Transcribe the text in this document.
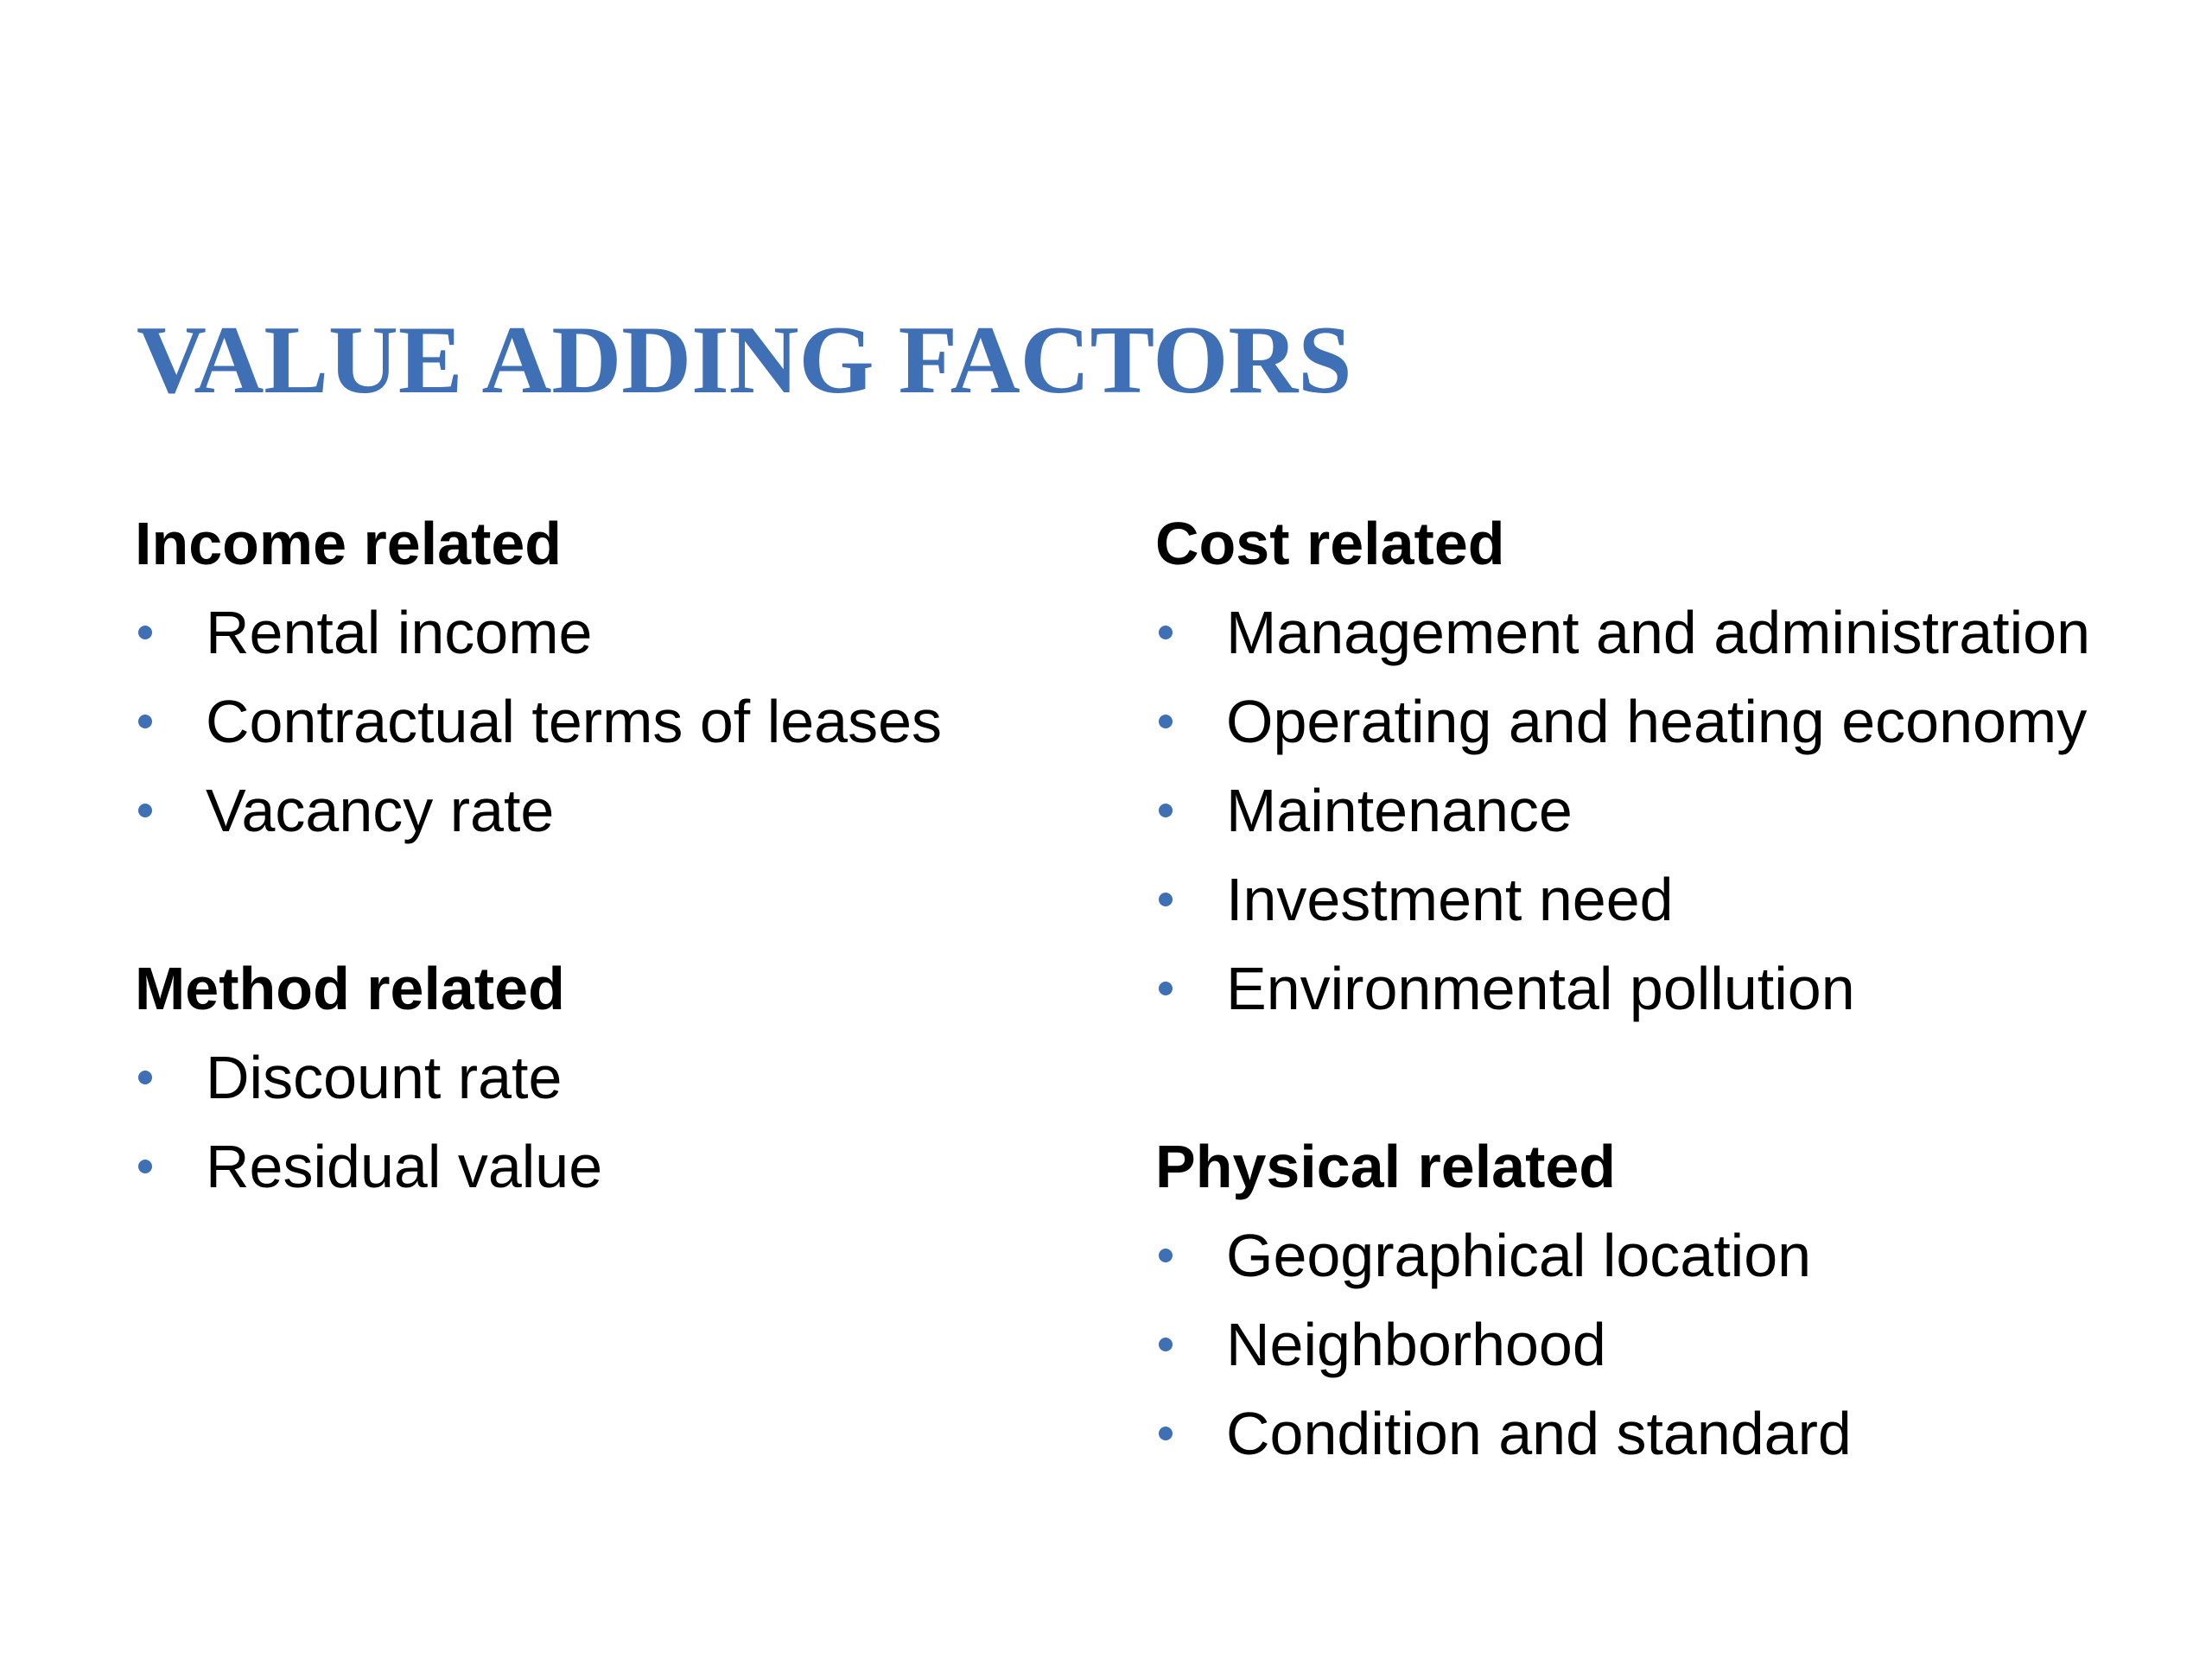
VALUE ADDING FACTORS
Income related
Rental income
Contractual terms of leases
Vacancy rate
Method related
Discount rate
Residual value
Cost related
Management and administration
Operating and heating economy
Maintenance
Investment need
Environmental pollution
Physical related
Geographical location
Neighborhood
Condition and standard
